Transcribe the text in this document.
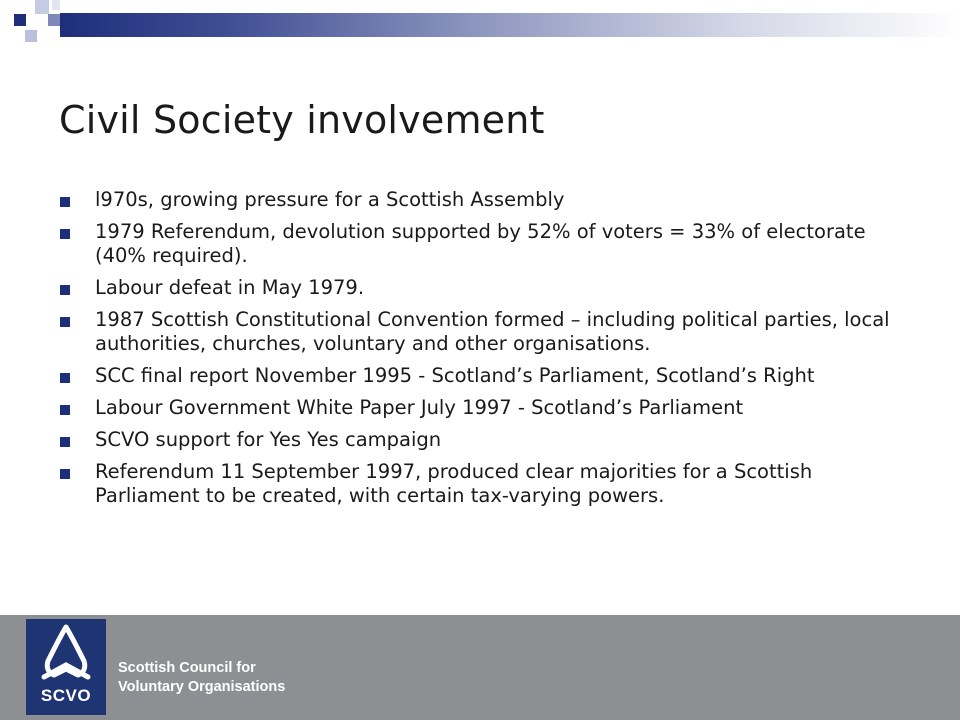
Civil Society involvement
l970s, growing pressure for a Scottish Assembly
1979 Referendum, devolution supported by 52% of voters = 33% of electorate (40% required).
Labour defeat in May 1979.
1987 Scottish Constitutional Convention formed – including political parties, local authorities, churches, voluntary and other organisations.
SCC final report November 1995 - Scotland’s Parliament, Scotland’s Right
Labour Government White Paper July 1997 - Scotland’s Parliament
SCVO support for Yes Yes campaign
Referendum 11 September 1997, produced clear majorities for a Scottish Parliament to be created, with certain tax-varying powers.
SCVO

Scottish Council for
Voluntary Organisations
